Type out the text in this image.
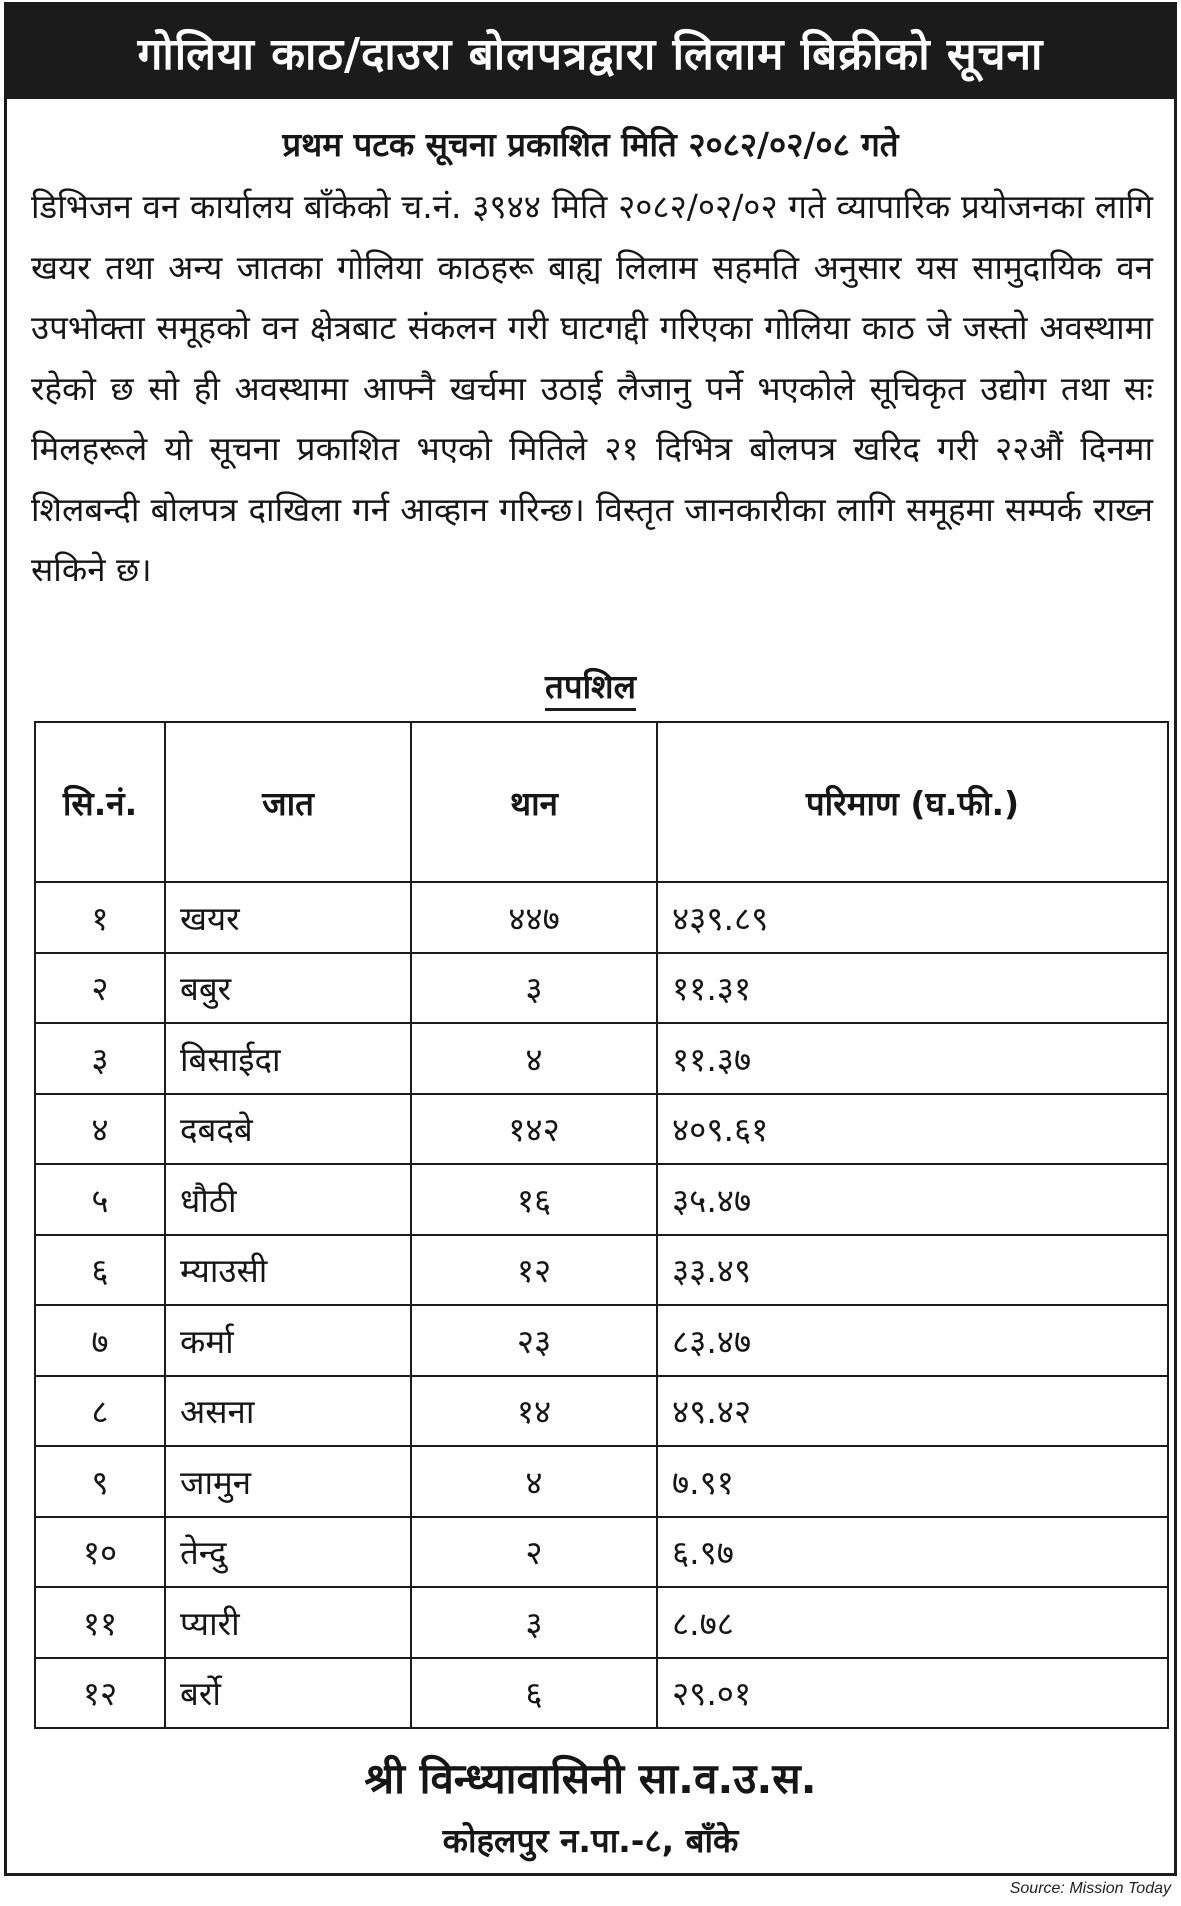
गोलिया काठ/दाउरा बोलपत्रद्वारा लिलाम बिक्रीको सूचना
प्रथम पटक सूचना प्रकाशित मिति २०८२/०२/०८ गते

डिभिजन वन कार्यालय बाँकेको च.नं. ३९४४ मिति २०८२/०२/०२ गते व्यापारिक प्रयोजनका लागि खयर तथा अन्य जातका गोलिया काठहरू बाह्य लिलाम सहमति अनुसार यस सामुदायिक वन उपभोक्ता समूहको वन क्षेत्रबाट संकलन गरी घाटगद्दी गरिएका गोलिया काठ जे जस्तो अवस्थामा रहेको छ सो ही अवस्थामा आफ्नै खर्चमा उठाई लैजानु पर्ने भएकोले सूचिकृत उद्योग तथा सः मिलहरूले यो सूचना प्रकाशित भएको मितिले २१ दिभित्र बोलपत्र खरिद गरी २२औं दिनमा शिलबन्दी बोलपत्र दाखिला गर्न आव्हान गरिन्छ। विस्तृत जानकारीका लागि समूहमा सम्पर्क राख्न सकिने छ।

तपशिल
सि.नं.	जात	थान	परिमाण (घ.फी.)
१	खयर	४४७	४३९.८९
२	बबुर	३	११.३१
३	बिसाईदा	४	११.३७
४	दबदबे	१४२	४०९.६१
५	धौठी	१६	३५.४७
६	म्याउसी	१२	३३.४९
७	कर्मा	२३	८३.४७
८	असना	१४	४९.४२
९	जामुन	४	७.९१
१०	तेन्दु	२	६.९७
११	प्यारी	३	८.७८
१२	बर्रो	६	२९.०१
श्री विन्ध्यावासिनी सा.व.उ.स.
कोहलपुर न.पा.-८, बाँके
Source: Mission Today
